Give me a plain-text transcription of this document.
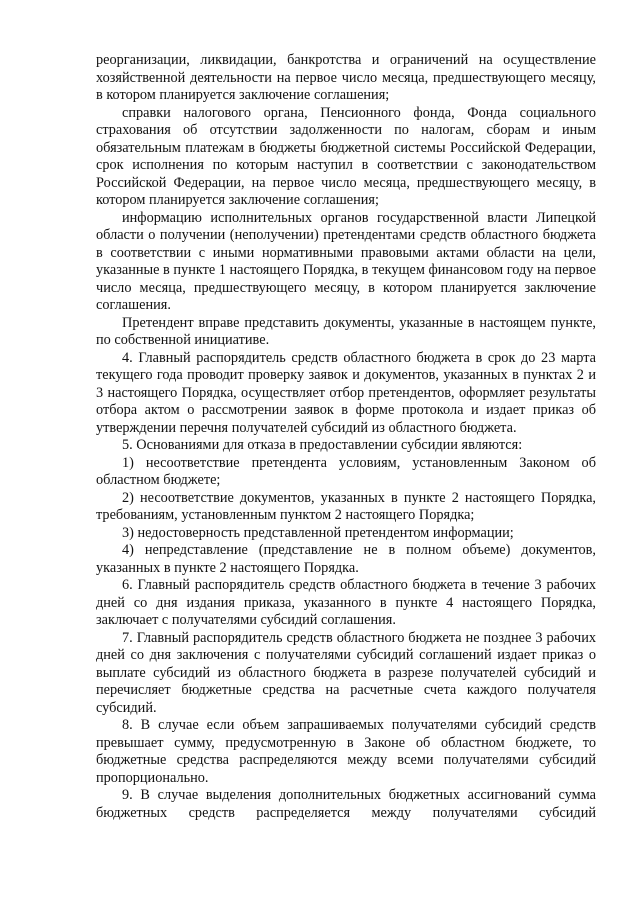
реорганизации, ликвидации, банкротства и ограничений на осуществление хозяйственной деятельности на первое число месяца, предшествующего месяцу, в котором планируется заключение соглашения;

справки налогового органа, Пенсионного фонда, Фонда социального страхования об отсутствии задолженности по налогам, сборам и иным обязательным платежам в бюджеты бюджетной системы Российской Федерации, срок исполнения по которым наступил в соответствии с законодательством Российской Федерации, на первое число месяца, предшествующего месяцу, в котором планируется заключение соглашения;

информацию исполнительных органов государственной власти Липецкой области о получении (неполучении) претендентами средств областного бюджета в соответствии с иными нормативными правовыми актами области на цели, указанные в пункте 1 настоящего Порядка, в текущем финансовом году на первое число месяца, предшествующего месяцу, в котором планируется заключение соглашения.

Претендент вправе представить документы, указанные в настоящем пункте, по собственной инициативе.

4. Главный распорядитель средств областного бюджета в срок до 23 марта текущего года проводит проверку заявок и документов, указанных в пунктах 2 и 3 настоящего Порядка, осуществляет отбор претендентов, оформляет результаты отбора актом о рассмотрении заявок в форме протокола и издает приказ об утверждении перечня получателей субсидий из областного бюджета.

5. Основаниями для отказа в предоставлении субсидии являются:

1) несоответствие претендента условиям, установленным Законом об областном бюджете;

2) несоответствие документов, указанных в пункте 2 настоящего Порядка, требованиям, установленным пунктом 2 настоящего Порядка;

3) недостоверность представленной претендентом информации;

4) непредставление (представление не в полном объеме) документов, указанных в пункте 2 настоящего Порядка.

6. Главный распорядитель средств областного бюджета в течение 3 рабочих дней со дня издания приказа, указанного в пункте 4 настоящего Порядка, заключает с получателями субсидий соглашения.

7. Главный распорядитель средств областного бюджета не позднее 3 рабочих дней со дня заключения с получателями субсидий соглашений издает приказ о выплате субсидий из областного бюджета в разрезе получателей субсидий и перечисляет бюджетные средства на расчетные счета каждого получателя субсидий.

8. В случае если объем запрашиваемых получателями субсидий средств превышает сумму, предусмотренную в Законе об областном бюджете, то бюджетные средства распределяются между всеми получателями субсидий пропорционально.

9. В случае выделения дополнительных бюджетных ассигнований сумма бюджетных средств распределяется между получателями субсидий
